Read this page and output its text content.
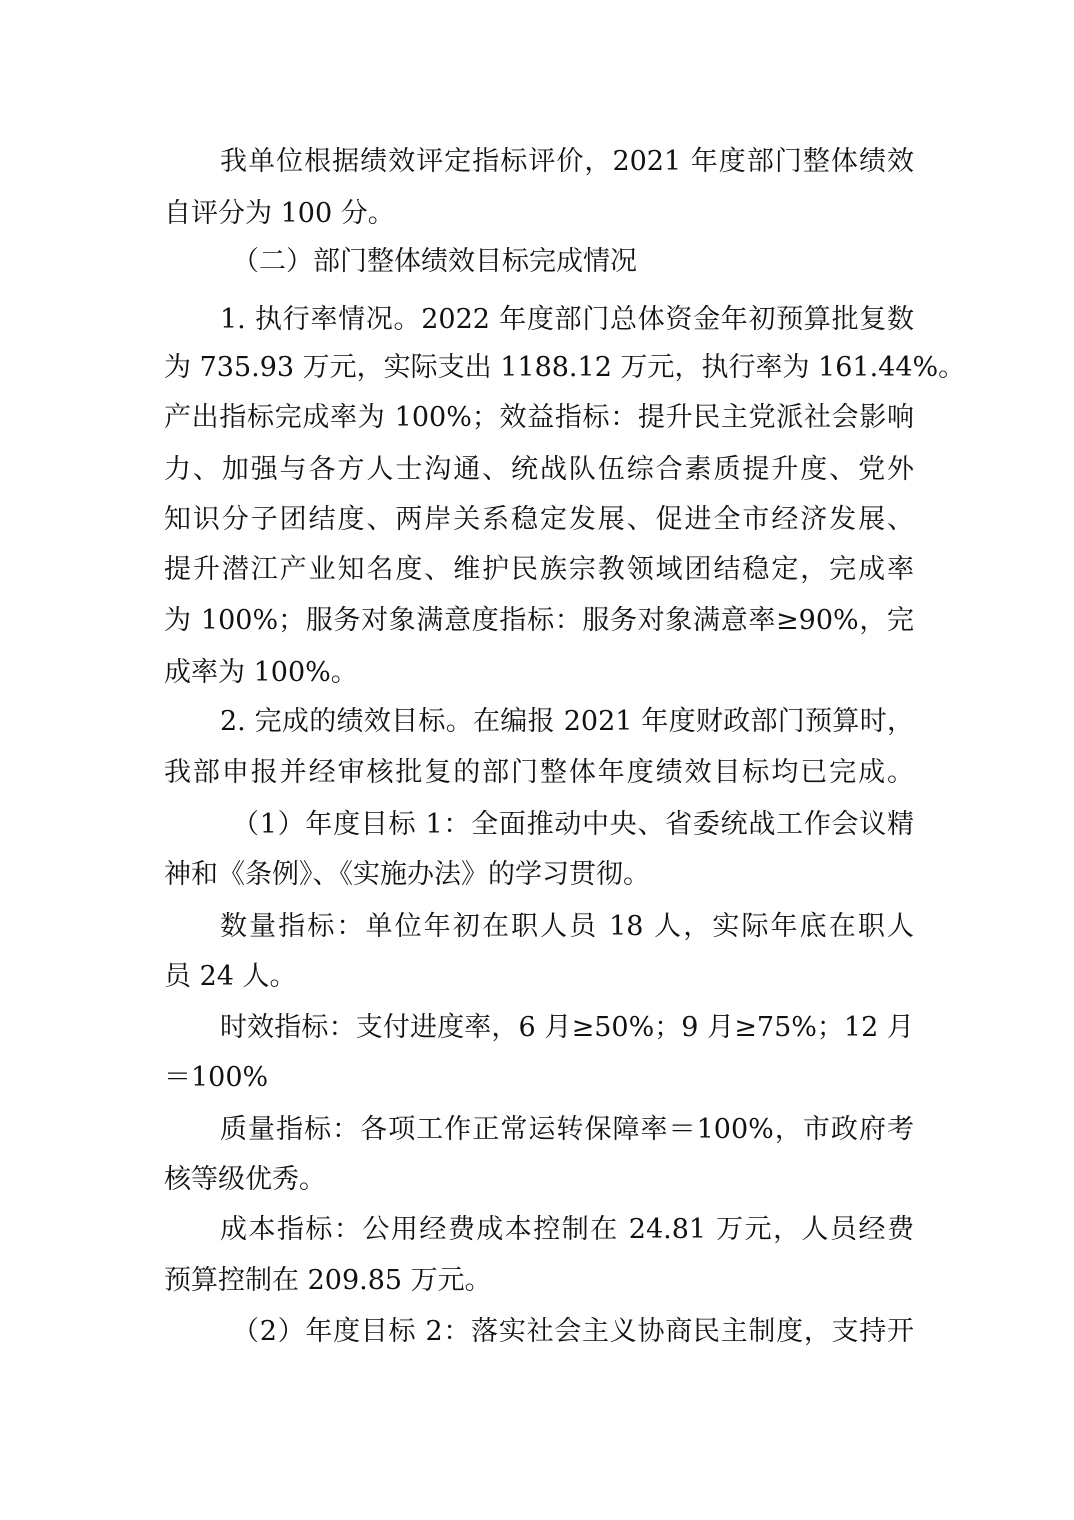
我单位根据绩效评定指标评价，2021 年度部门整体绩效
自评分为 100 分。
（二）部门整体绩效目标完成情况
1. 执行率情况。2022 年度部门总体资金年初预算批复数
为 735.93 万元，实际支出 1188.12 万元，执行率为 161.44%。
产出指标完成率为 100%；效益指标：提升民主党派社会影响
力、加强与各方人士沟通、统战队伍综合素质提升度、党外
知识分子团结度、两岸关系稳定发展、促进全市经济发展、
提升潜江产业知名度、维护民族宗教领域团结稳定，完成率
为 100%；服务对象满意度指标：服务对象满意率≥90%，完
成率为 100%。
2. 完成的绩效目标。在编报 2021 年度财政部门预算时，
我部申报并经审核批复的部门整体年度绩效目标均已完成。
（1）年度目标 1：全面推动中央、省委统战工作会议精
神和《条例》、《实施办法》的学习贯彻。
数量指标：单位年初在职人员 18 人，实际年底在职人
员 24 人。
时效指标：支付进度率，6 月≥50%；9 月≥75%；12 月
＝100%
质量指标：各项工作正常运转保障率＝100%，市政府考
核等级优秀。
成本指标：公用经费成本控制在 24.81 万元，人员经费
预算控制在 209.85 万元。
（2）年度目标 2：落实社会主义协商民主制度，支持开
